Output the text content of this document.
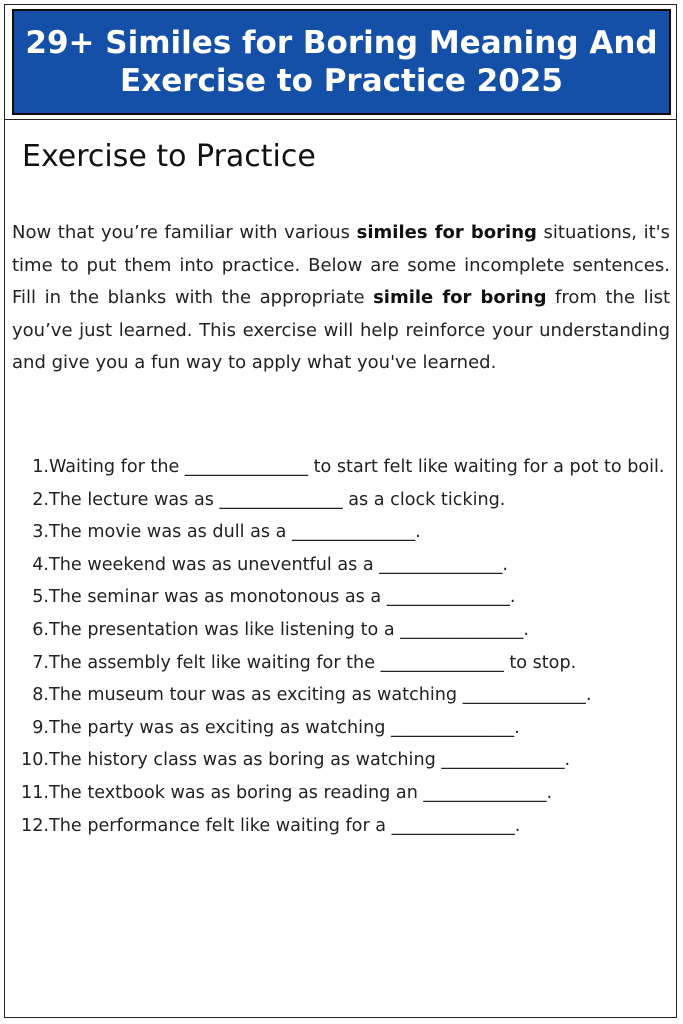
29+ Similes for Boring Meaning And Exercise to Practice 2025
Exercise to Practice

Now that you’re familiar with various similes for boring situations, it's time to put them into practice. Below are some incomplete sentences. Fill in the blanks with the appropriate simile for boring from the list you’ve just learned. This exercise will help reinforce your understanding and give you a fun way to apply what you've learned.

1. Waiting for the ______________ to start felt like waiting for a pot to boil.
2. The lecture was as ______________ as a clock ticking.
3. The movie was as dull as a ______________.
4. The weekend was as uneventful as a ______________.
5. The seminar was as monotonous as a ______________.
6. The presentation was like listening to a ______________.
7. The assembly felt like waiting for the ______________ to stop.
8. The museum tour was as exciting as watching ______________.
9. The party was as exciting as watching ______________.
10. The history class was as boring as watching ______________.
11. The textbook was as boring as reading an ______________.
12. The performance felt like waiting for a ______________.
